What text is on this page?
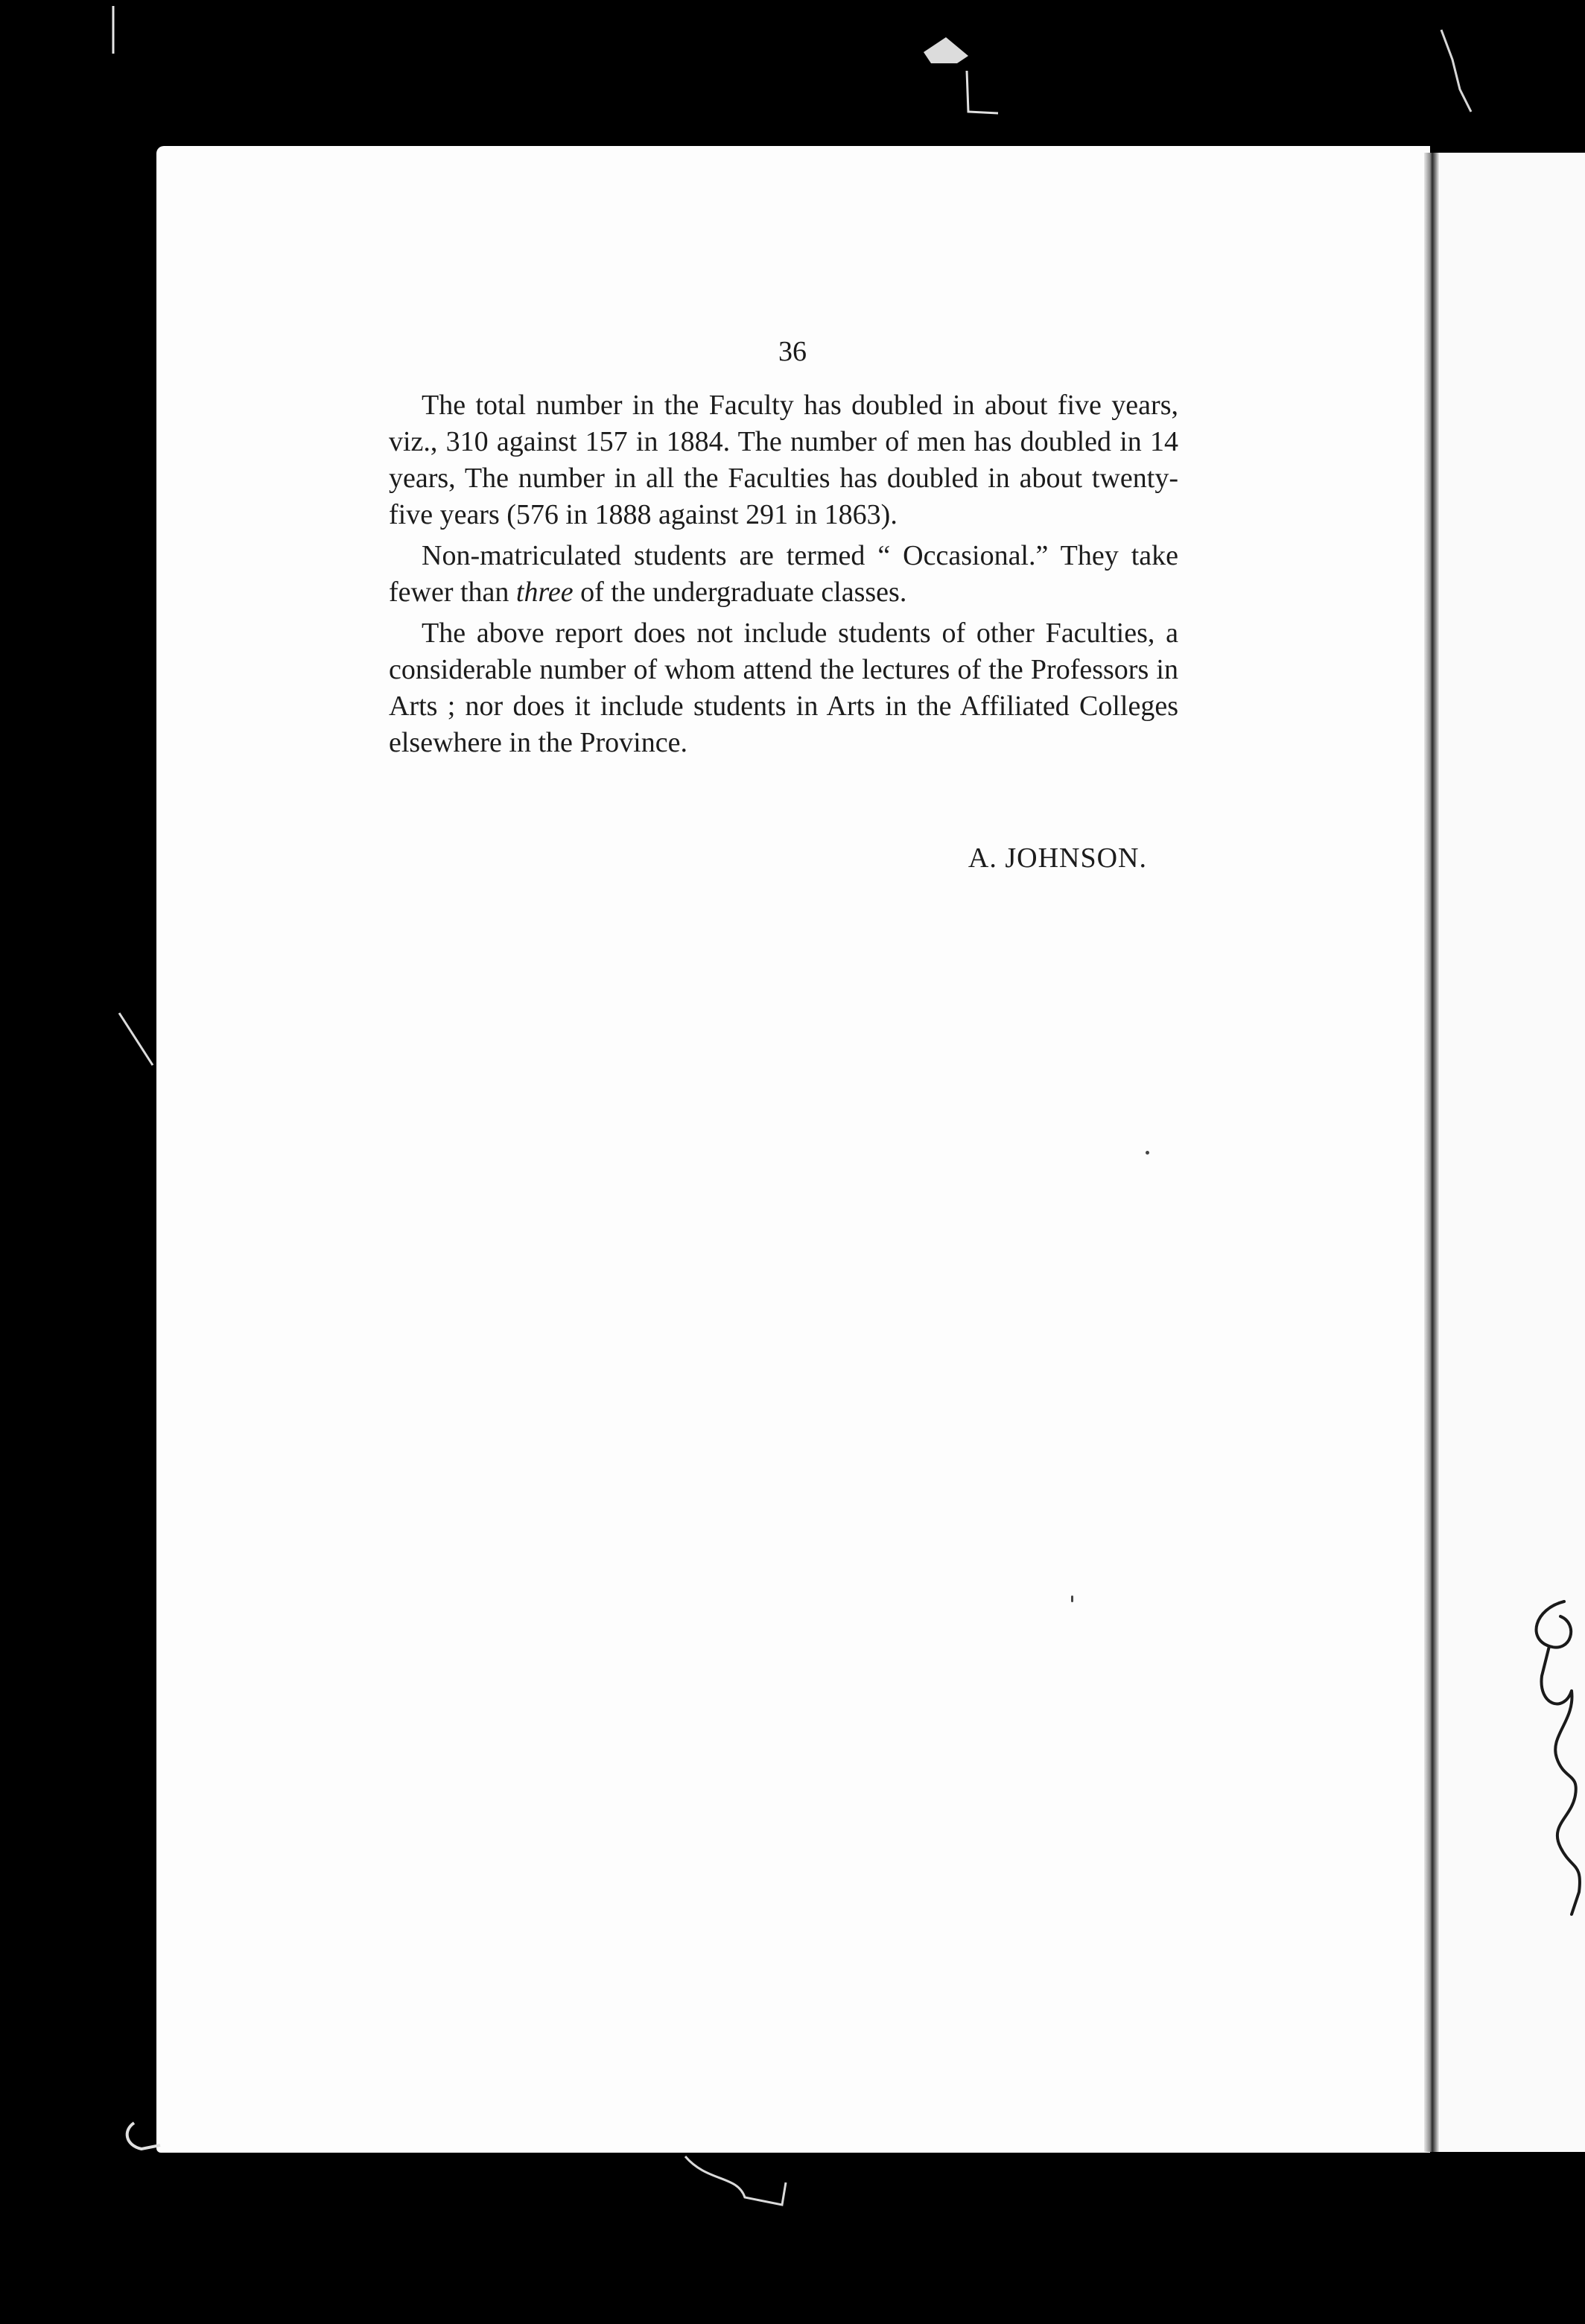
36

The total number in the Faculty has doubled in about five years, viz., 310 against 157 in 1884. The number of men has doubled in 14 years, The number in all the Faculties has doubled in about twenty-five years (576 in 1888 against 291 in 1863).

Non-matriculated students are termed “ Occasional.” They take fewer than three of the undergraduate classes.

The above report does not include students of other Faculties, a considerable number of whom attend the lectures of the Professors in Arts ; nor does it include students in Arts in the Affiliated Colleges elsewhere in the Province.

A. JOHNSON.
